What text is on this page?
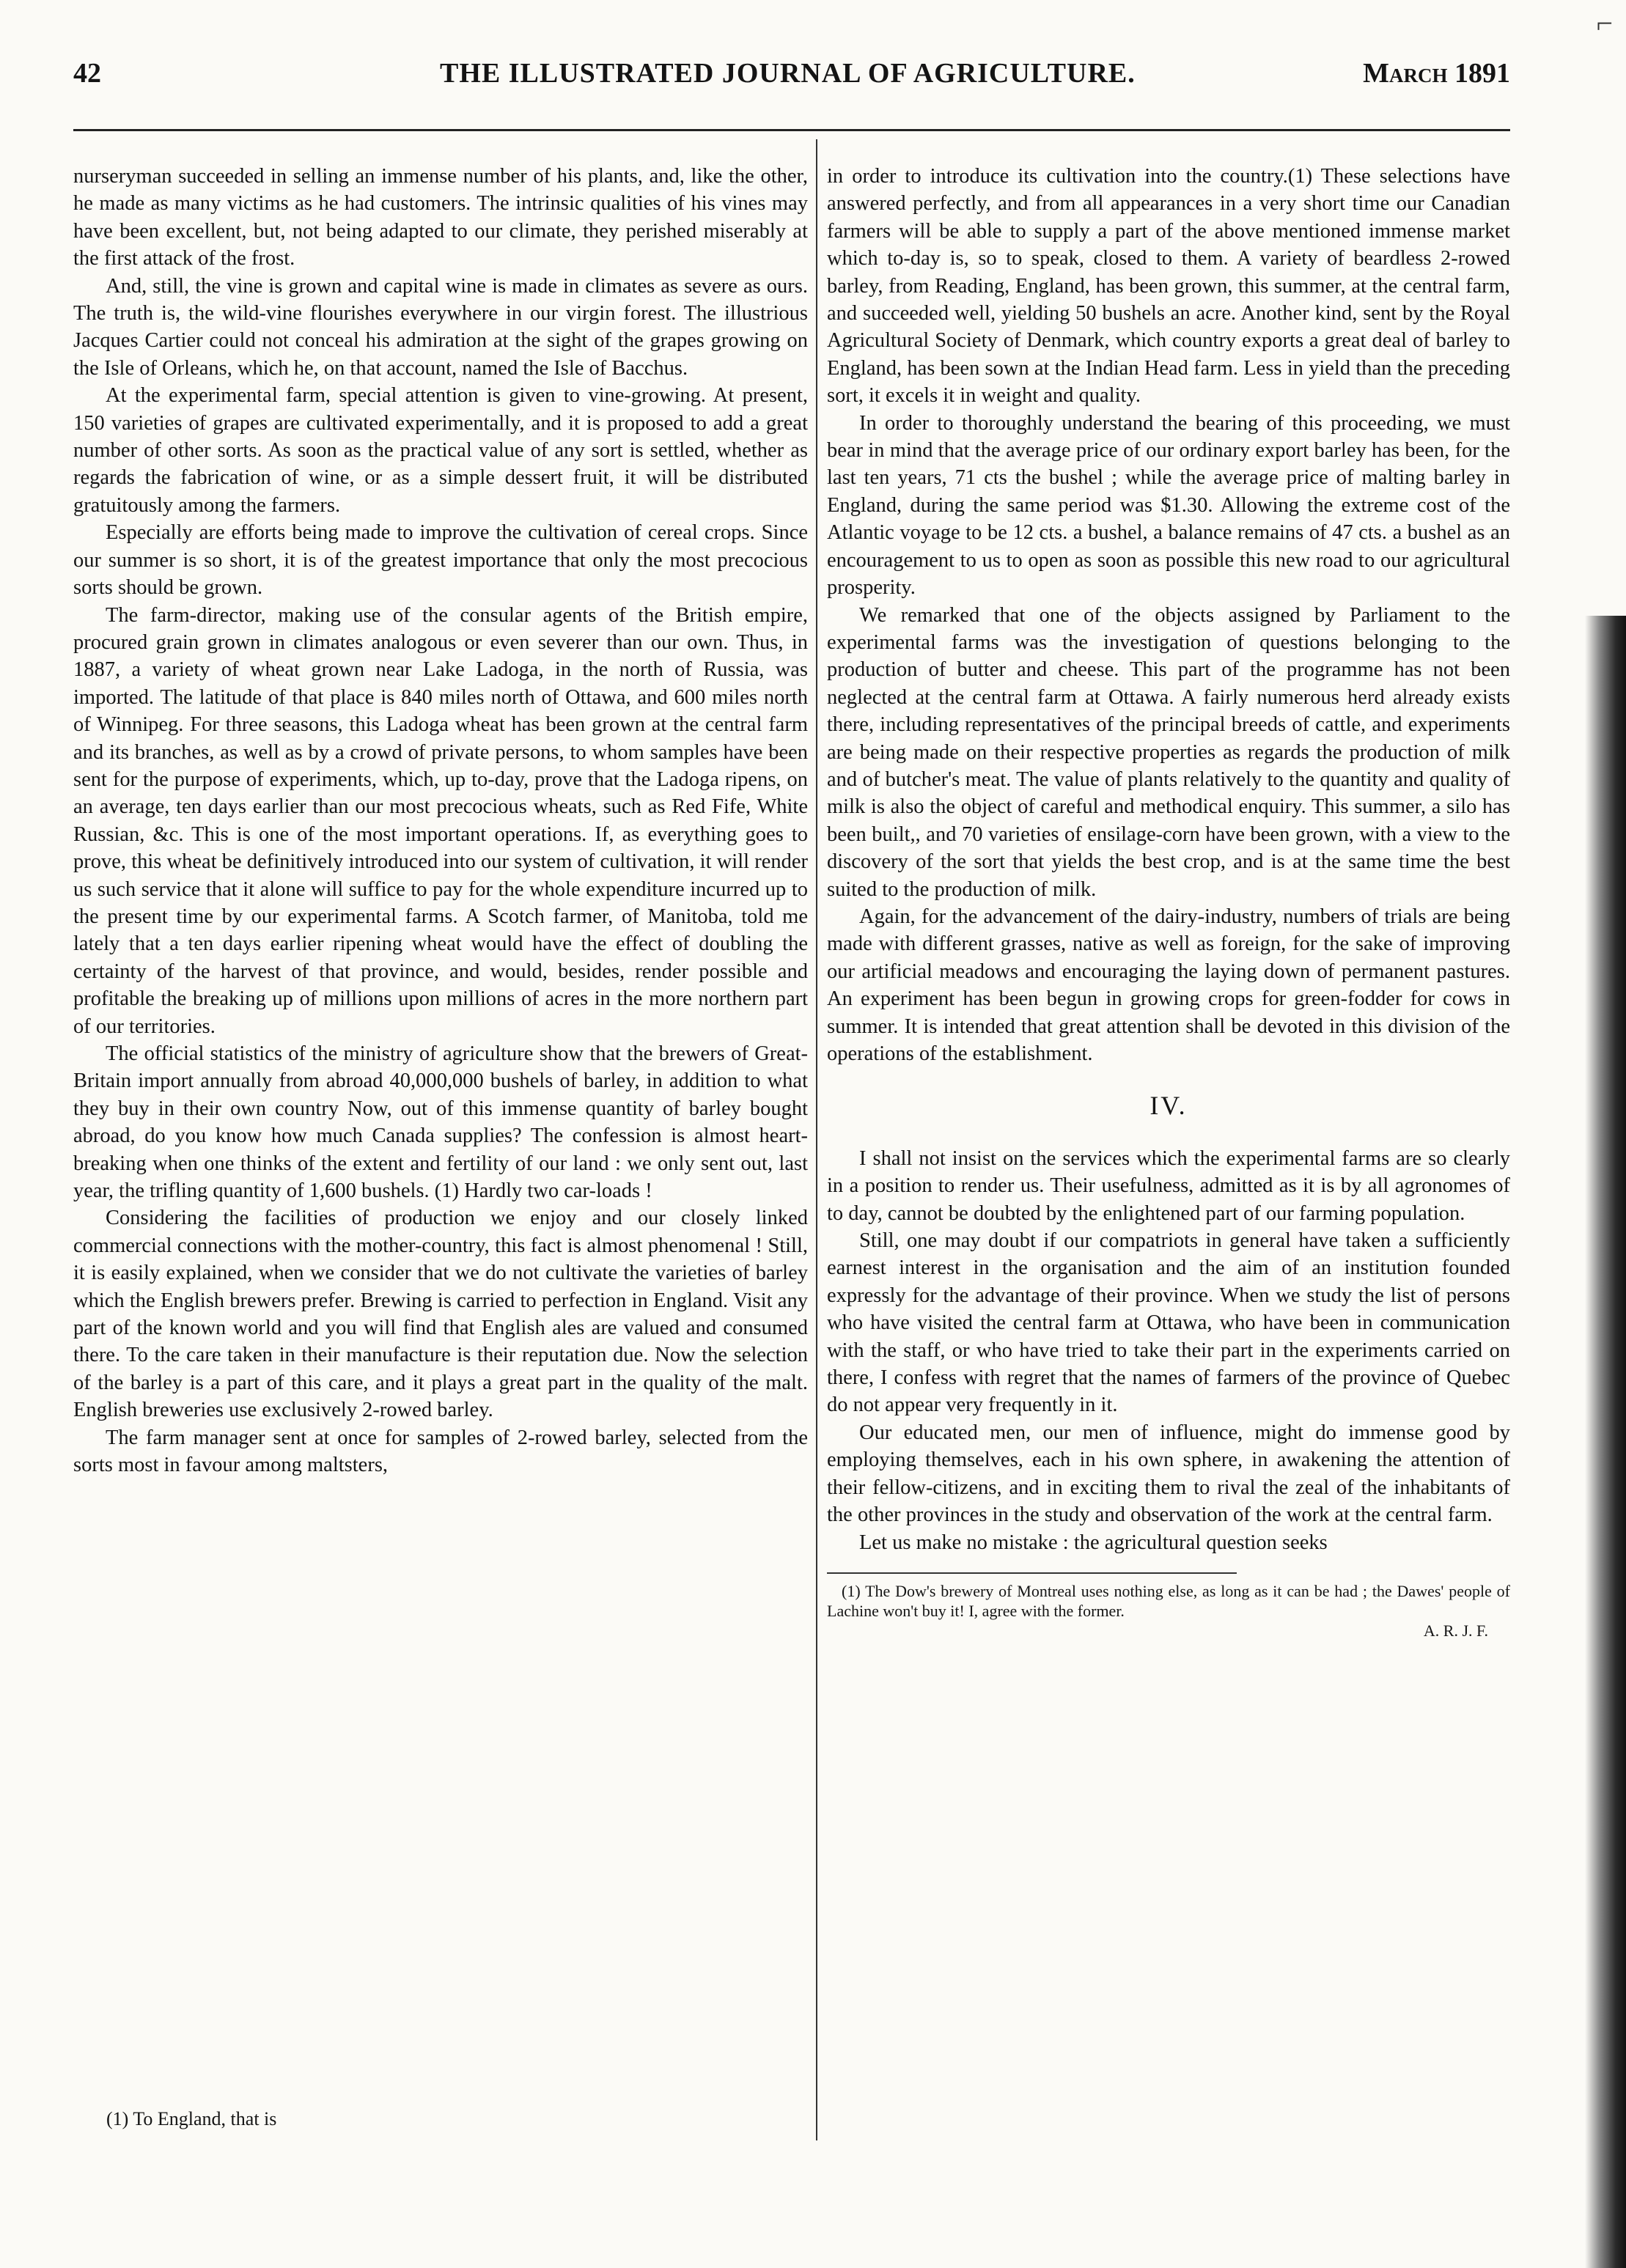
42	THE ILLUSTRATED JOURNAL OF AGRICULTURE.	March 1891

nurseryman succeeded in selling an immense number of his plants, and, like the other, he made as many victims as he had customers. The intrinsic qualities of his vines may have been excellent, but, not being adapted to our climate, they perished miserably at the first attack of the frost.

And, still, the vine is grown and capital wine is made in climates as severe as ours. The truth is, the wild-vine flourishes everywhere in our virgin forest. The illustrious Jacques Cartier could not conceal his admiration at the sight of the grapes growing on the Isle of Orleans, which he, on that account, named the Isle of Bacchus.

At the experimental farm, special attention is given to vine-growing. At present, 150 varieties of grapes are cultivated experimentally, and it is proposed to add a great number of other sorts. As soon as the practical value of any sort is settled, whether as regards the fabrication of wine, or as a simple dessert fruit, it will be distributed gratuitously among the farmers.

Especially are efforts being made to improve the cultivation of cereal crops. Since our summer is so short, it is of the greatest importance that only the most precocious sorts should be grown.

The farm-director, making use of the consular agents of the British empire, procured grain grown in climates analogous or even severer than our own. Thus, in 1887, a variety of wheat grown near Lake Ladoga, in the north of Russia, was imported. The latitude of that place is 840 miles north of Ottawa, and 600 miles north of Winnipeg. For three seasons, this Ladoga wheat has been grown at the central farm and its branches, as well as by a crowd of private persons, to whom samples have been sent for the purpose of experiments, which, up to-day, prove that the Ladoga ripens, on an average, ten days earlier than our most precocious wheats, such as Red Fife, White Russian, &c. This is one of the most important operations. If, as everything goes to prove, this wheat be definitively introduced into our system of cultivation, it will render us such service that it alone will suffice to pay for the whole expenditure incurred up to the present time by our experimental farms. A Scotch farmer, of Manitoba, told me lately that a ten days earlier ripening wheat would have the effect of doubling the certainty of the harvest of that province, and would, besides, render possible and profitable the breaking up of millions upon millions of acres in the more northern part of our territories.

The official statistics of the ministry of agriculture show that the brewers of Great-Britain import annually from abroad 40,000,000 bushels of barley, in addition to what they buy in their own country Now, out of this immense quantity of barley bought abroad, do you know how much Canada supplies? The confession is almost heart-breaking when one thinks of the extent and fertility of our land : we only sent out, last year, the trifling quantity of 1,600 bushels. (1) Hardly two car-loads !

Considering the facilities of production we enjoy and our closely linked commercial connections with the mother-country, this fact is almost phenomenal ! Still, it is easily explained, when we consider that we do not cultivate the varieties of barley which the English brewers prefer. Brewing is carried to perfection in England. Visit any part of the known world and you will find that English ales are valued and consumed there. To the care taken in their manufacture is their reputation due. Now the selection of the barley is a part of this care, and it plays a great part in the quality of the malt. English breweries use exclusively 2-rowed barley.

The farm manager sent at once for samples of 2-rowed barley, selected from the sorts most in favour among maltsters,

(1) To England, that is

in order to introduce its cultivation into the country.(1) These selections have answered perfectly, and from all appearances in a very short time our Canadian farmers will be able to supply a part of the above mentioned immense market which to-day is, so to speak, closed to them. A variety of beardless 2-rowed barley, from Reading, England, has been grown, this summer, at the central farm, and succeeded well, yielding 50 bushels an acre. Another kind, sent by the Royal Agricultural Society of Denmark, which country exports a great deal of barley to England, has been sown at the Indian Head farm. Less in yield than the preceding sort, it excels it in weight and quality.

In order to thoroughly understand the bearing of this proceeding, we must bear in mind that the average price of our ordinary export barley has been, for the last ten years, 71 cts the bushel ; while the average price of malting barley in England, during the same period was $1.30. Allowing the extreme cost of the Atlantic voyage to be 12 cts. a bushel, a balance remains of 47 cts. a bushel as an encouragement to us to open as soon as possible this new road to our agricultural prosperity.

We remarked that one of the objects assigned by Parliament to the experimental farms was the investigation of questions belonging to the production of butter and cheese. This part of the programme has not been neglected at the central farm at Ottawa. A fairly numerous herd already exists there, including representatives of the principal breeds of cattle, and experiments are being made on their respective properties as regards the production of milk and of butcher's meat. The value of plants relatively to the quantity and quality of milk is also the object of careful and methodical enquiry. This summer, a silo has been built,, and 70 varieties of ensilage-corn have been grown, with a view to the discovery of the sort that yields the best crop, and is at the same time the best suited to the production of milk.

Again, for the advancement of the dairy-industry, numbers of trials are being made with different grasses, native as well as foreign, for the sake of improving our artificial meadows and encouraging the laying down of permanent pastures. An experiment has been begun in growing crops for green-fodder for cows in summer. It is intended that great attention shall be devoted in this division of the operations of the establishment.

IV.

I shall not insist on the services which the experimental farms are so clearly in a position to render us. Their usefulness, admitted as it is by all agronomes of to day, cannot be doubted by the enlightened part of our farming population.

Still, one may doubt if our compatriots in general have taken a sufficiently earnest interest in the organisation and the aim of an institution founded expressly for the advantage of their province. When we study the list of persons who have visited the central farm at Ottawa, who have been in communication with the staff, or who have tried to take their part in the experiments carried on there, I confess with regret that the names of farmers of the province of Quebec do not appear very frequently in it.

Our educated men, our men of influence, might do immense good by employing themselves, each in his own sphere, in awakening the attention of their fellow-citizens, and in exciting them to rival the zeal of the inhabitants of the other provinces in the study and observation of the work at the central farm.

Let us make no mistake : the agricultural question seeks

(1) The Dow's brewery of Montreal uses nothing else, as long as it can be had ; the Dawes' people of Lachine won't buy it! I, agree with the former.
A. R. J. F.
⌐
